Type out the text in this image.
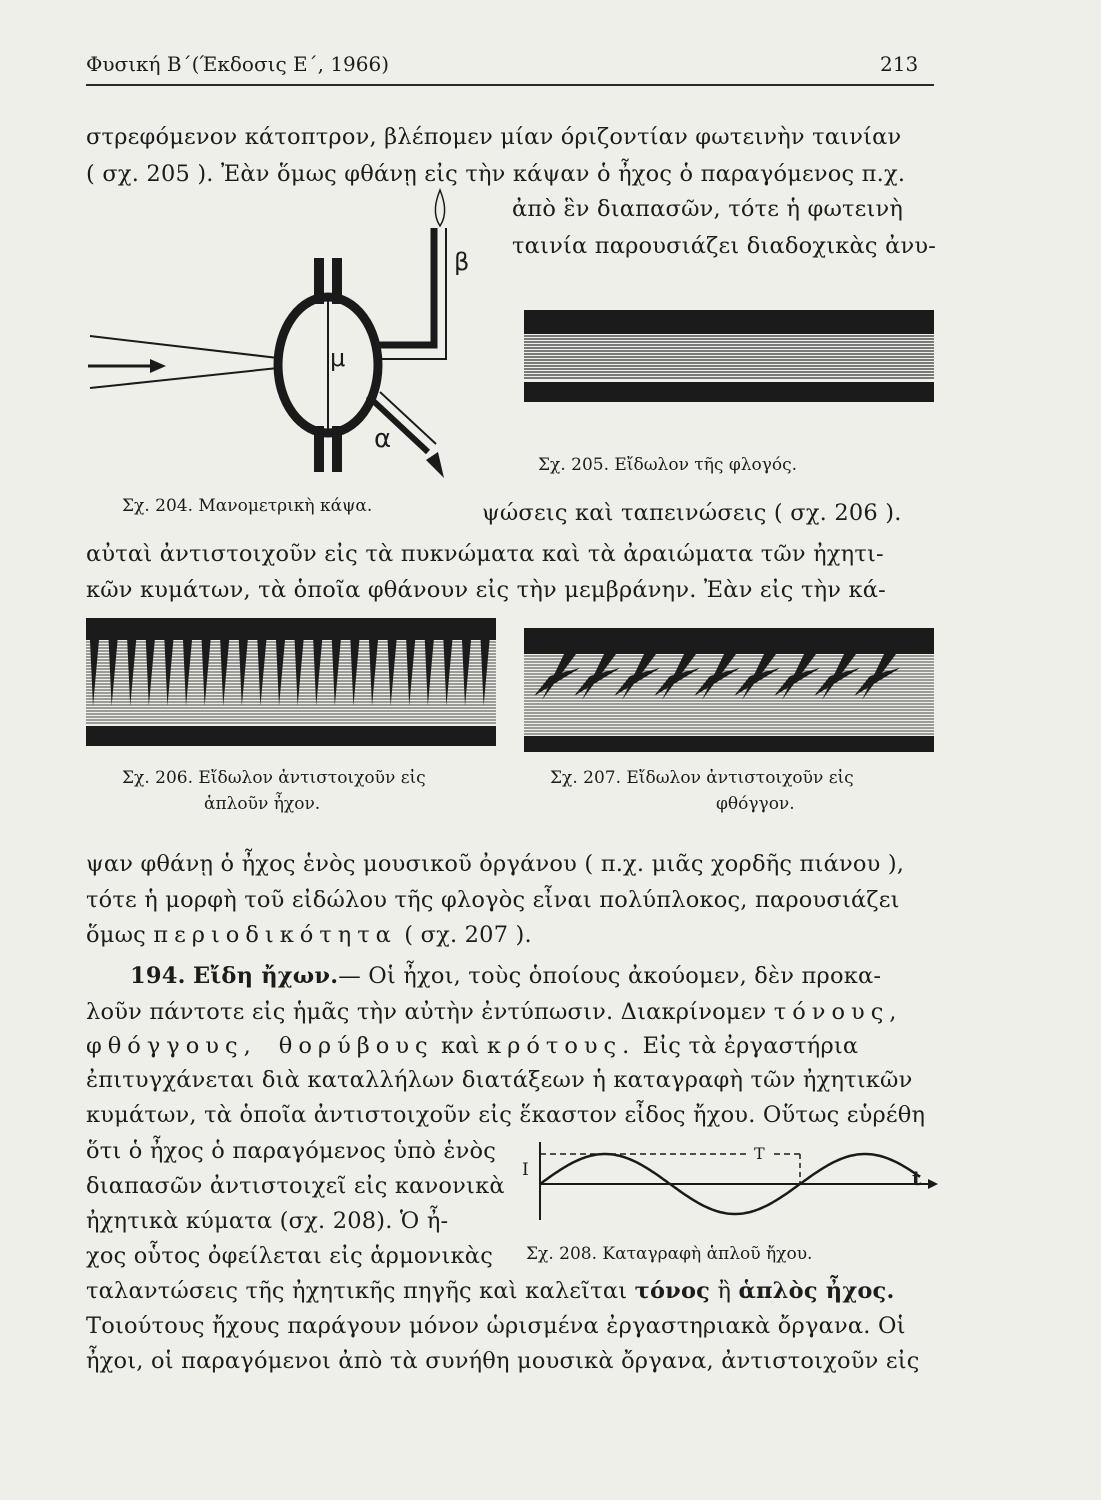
Φυσική Β΄(Έκδοσις Ε΄, 1966)	213
στρεφόμενον κάτοπτρον, βλέπομεν μίαν όριζοντίαν φωτεινὴν ταινίαν
( σχ. 205 ). Ἐὰν ὅμως φθάνῃ εἰς τὴν κάψαν ὁ ἦχος ὁ παραγόμενος π.χ.
ἀπὸ ἓν διαπασῶν, τότε ἡ φωτεινὴ
ταινία παρουσιάζει διαδοχικὰς ἀνυ-
β
μ
α
Σχ. 204. Μανομετρικὴ κάψα.
Σχ. 205. Εἴδωλον τῆς φλογός.
ψώσεις καὶ ταπεινώσεις ( σχ. 206 ).
αὐταὶ ἀντιστοιχοῦν εἰς τὰ πυκνώματα καὶ τὰ ἀραιώματα τῶν ἠχητι-
κῶν κυμάτων, τὰ ὁποῖα φθάνουν εἰς τὴν μεμβράνην. Ἐὰν εἰς τὴν κά-
Σχ. 206. Εἴδωλον ἀντιστοιχοῦν εἰς
ἁπλοῦν ἦχον.
Σχ. 207. Εἴδωλον ἀντιστοιχοῦν εἰς
φθόγγον.
ψαν φθάνῃ ὁ ἦχος ἑνὸς μουσικοῦ ὀργάνου ( π.χ. μιᾶς χορδῆς πιάνου ),
τότε ἡ μορφὴ τοῦ εἰδώλου τῆς φλογὸς εἶναι πολύπλοκος, παρουσιάζει
ὅμως περιοδικότητα ( σχ. 207 ).
194. Εἴδη ἤχων.— Οἱ ἦχοι, τοὺς ὁποίους ἀκούομεν, δὲν προκα-
λοῦν πάντοτε εἰς ἡμᾶς τὴν αὐτὴν ἐντύπωσιν. Διακρίνομεν τόνους,
φθόγγους, θορύβους καὶ κρότους. Εἰς τὰ ἐργαστήρια
ἐπιτυγχάνεται διὰ καταλλήλων διατάξεων ἡ καταγραφὴ τῶν ἠχητικῶν
κυμάτων, τὰ ὁποῖα ἀντιστοιχοῦν εἰς ἕκαστον εἶδος ἤχου. Οὕτως εὑρέθη
ὅτι ὁ ἦχος ὁ παραγόμενος ὑπὸ ἑνὸς
διαπασῶν ἀντιστοιχεῖ εἰς κανονικὰ
ἠχητικὰ κύματα (σχ. 208). Ὁ ἦ-
χος οὗτος ὀφείλεται εἰς ἁρμονικὰς
I
T
t
Σχ. 208. Καταγραφὴ ἁπλοῦ ἤχου.
ταλαντώσεις τῆς ἠχητικῆς πηγῆς καὶ καλεῖται τόνος ἢ ἁπλὸς ἦχος.
Τοιούτους ἤχους παράγουν μόνον ὡρισμένα ἐργαστηριακὰ ὄργανα. Οἱ
ἦχοι, οἱ παραγόμενοι ἀπὸ τὰ συνήθη μουσικὰ ὄργανα, ἀντιστοιχοῦν εἰς
